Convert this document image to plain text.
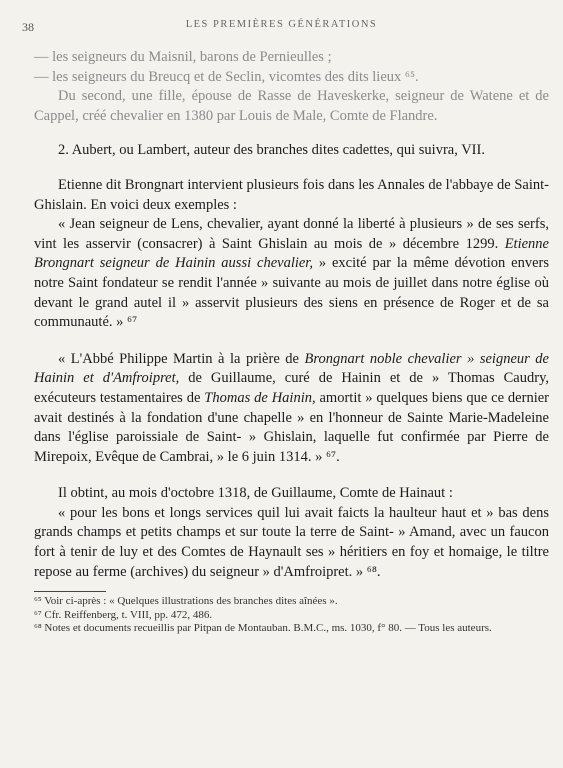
38	LES PREMIÈRES GÉNÉRATIONS

— les seigneurs du Maisnil, barons de Pernieulles ;

— les seigneurs du Breucq et de Seclin, vicomtes des dits lieux ⁶⁵.

Du second, une fille, épouse de Rasse de Haveskerke, seigneur de Watene et de Cappel, créé chevalier en 1380 par Louis de Male, Comte de Flandre.

2. Aubert, ou Lambert, auteur des branches dites cadettes, qui suivra, VII.

Etienne dit Brongnart intervient plusieurs fois dans les Annales de l'abbaye de Saint-Ghislain. En voici deux exemples :

« Jean seigneur de Lens, chevalier, ayant donné la liberté à plusieurs » de ses serfs, vint les asservir (consacrer) à Saint Ghislain au mois de » décembre 1299. Etienne Brongnart seigneur de Hainin aussi chevalier, » excité par la même dévotion envers notre Saint fondateur se rendit l'année » suivante au mois de juillet dans notre église où devant le grand autel il » asservit plusieurs des siens en présence de Roger et de sa communauté. » ⁶⁷

« L'Abbé Philippe Martin à la prière de Brongnart noble chevalier » seigneur de Hainin et d'Amfroipret, de Guillaume, curé de Hainin et de » Thomas Caudry, exécuteurs testamentaires de Thomas de Hainin, amortit » quelques biens que ce dernier avait destinés à la fondation d'une chapelle » en l'honneur de Sainte Marie-Madeleine dans l'église paroissiale de Saint- » Ghislain, laquelle fut confirmée par Pierre de Mirepoix, Evêque de Cambrai, » le 6 juin 1314. » ⁶⁷.

Il obtint, au mois d'octobre 1318, de Guillaume, Comte de Hainaut :

« pour les bons et longs services quil lui avait faicts la haulteur haut et » bas dens grands champs et petits champs et sur toute la terre de Saint- » Amand, avec un faucon fort à tenir de luy et des Comtes de Haynault ses » héritiers en foy et homaige, le tiltre repose au ferme (archives) du seigneur » d'Amfroipret. » ⁶⁸.

⁶⁵ Voir ci-après : « Quelques illustrations des branches dites aînées ».

⁶⁷ Cfr. Reiffenberg, t. VIII, pp. 472, 486.

⁶⁸ Notes et documents recueillis par Pitpan de Montauban. B.M.C., ms. 1030, f° 80. — Tous les auteurs.
